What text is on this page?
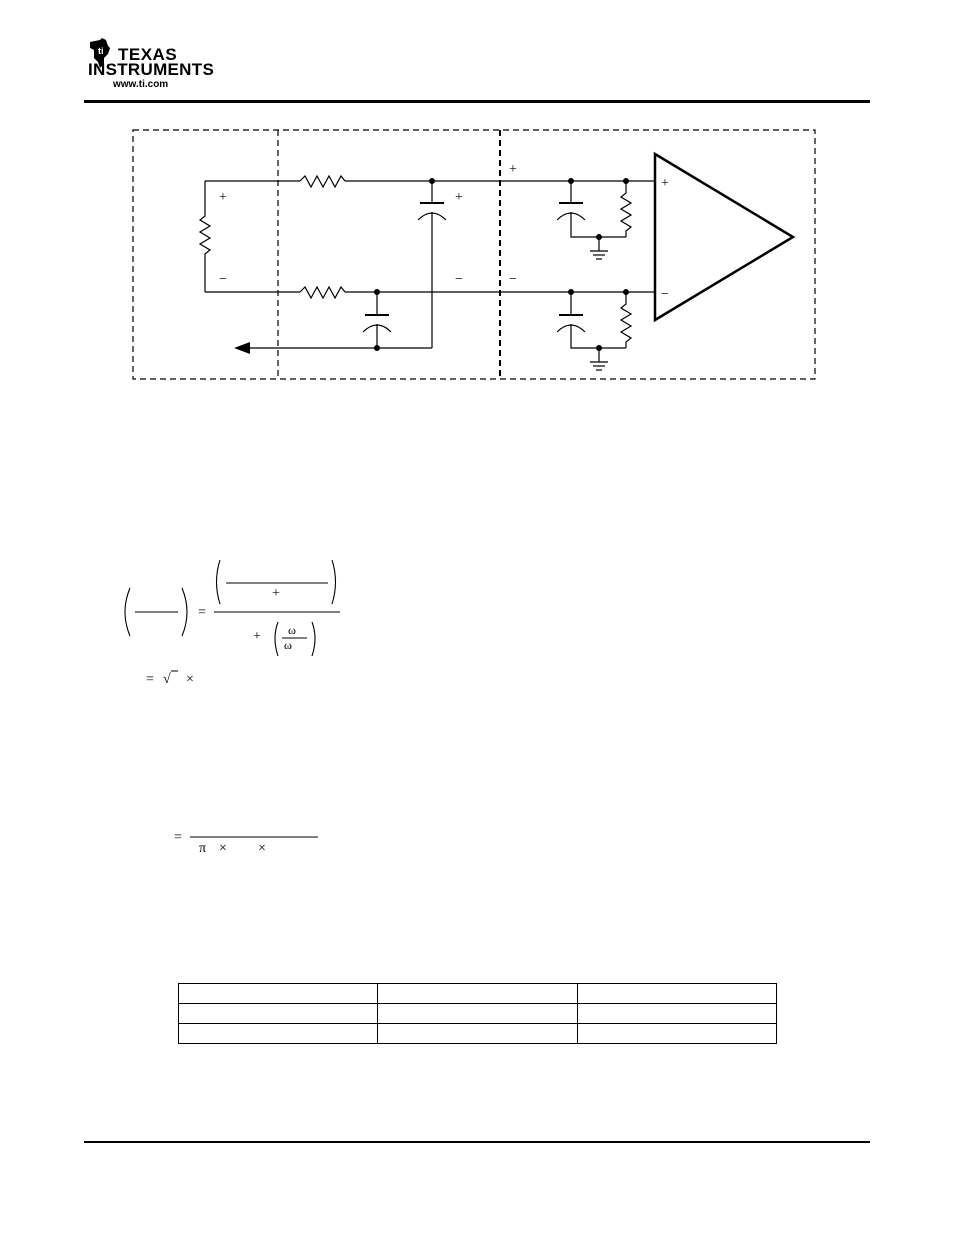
ti TEXAS
INSTRUMENTS
www.ti.com
+
−
+
−
+
−
+
−
=
+
+ ω
ω
= √ ×
=
π × ×
